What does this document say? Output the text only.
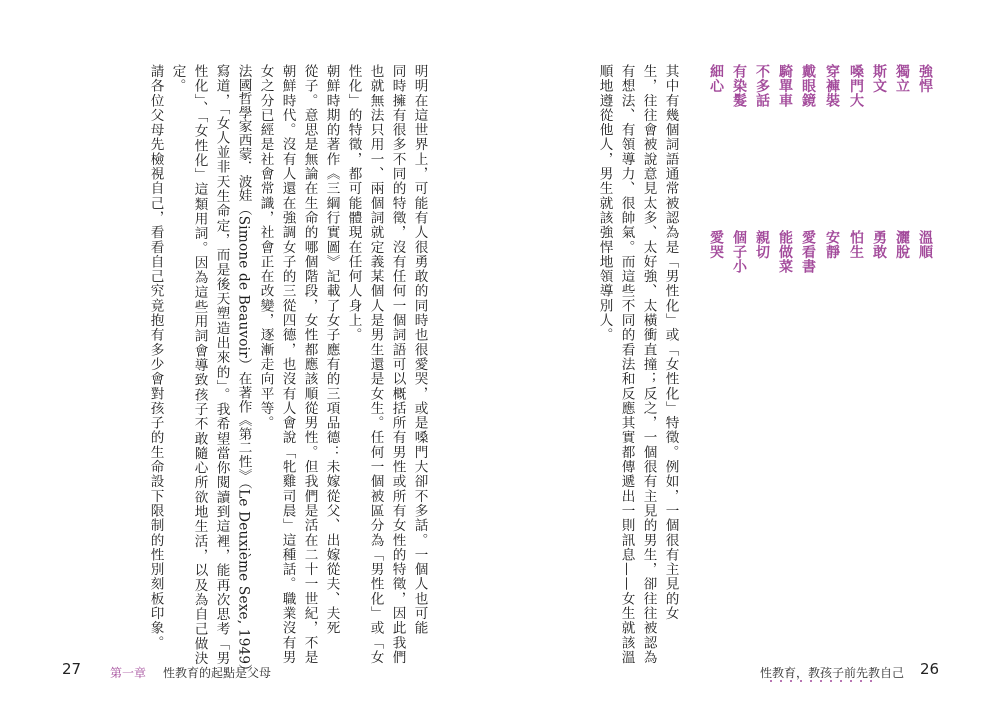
其中有幾個詞語通常被認為是「男性化」或「女性化」特徵。例如，一個很有主見的女
生，往往會被說意見太多、太好強、太橫衝直撞；反之，一個很有主見的男生，卻往往被認為
有想法、有領導力、很帥氣。而這些不同的看法和反應其實都傳遞出一則訊息——女生就該溫
順地遵從他人，男生就該強悍地領導別人。	強悍
獨立
斯文
嗓門大
穿褲裝
戴眼鏡
騎單車
不多話
有染髮
細心
溫順
灑脫
勇敢
怕生
安靜
愛看書
能做菜
親切
個子小
愛哭
性教育，教孩子前先教自己 26
明明在這世界上，可能有人很勇敢的同時也很愛哭，或是嗓門大卻不多話。一個人也可能
同時擁有很多不同的特徵，沒有任何一個詞語可以概括所有男性或所有女性的特徵，因此我們
也就無法只用一、兩個詞就定義某個人是男生還是女生。任何一個被區分為「男性化」或「女
性化」的特徵，都可能體現在任何人身上。
朝鮮時期的著作《三綱行實圖》記載了女子應有的三項品德：未嫁從父、出嫁從夫、夫死
從子。意思是無論在生命的哪個階段，女性都應該順從男性。但我們是活在二十一世紀，不是
朝鮮時代。沒有人還在強調女子的三從四德，也沒有人會說「牝雞司晨」這種話。職業沒有男
女之分已經是社會常識，社會正在改變，逐漸走向平等。
法國哲學家西蒙．波娃（Simone de Beauvoir）在著作《第二性》（Le Deuxième Sexe, 1949）
寫道，「女人並非天生命定，而是後天塑造出來的」。我希望當你閱讀到這裡，能再次思考「男
性化」、「女性化」這類用詞。因為這些用詞會導致孩子不敢隨心所欲地生活，以及為自己做決
定。
請各位父母先檢視自己，看看自己究竟抱有多少會對孩子的生命設下限制的性別刻板印象。
27 第一章 性教育的起點是父母
